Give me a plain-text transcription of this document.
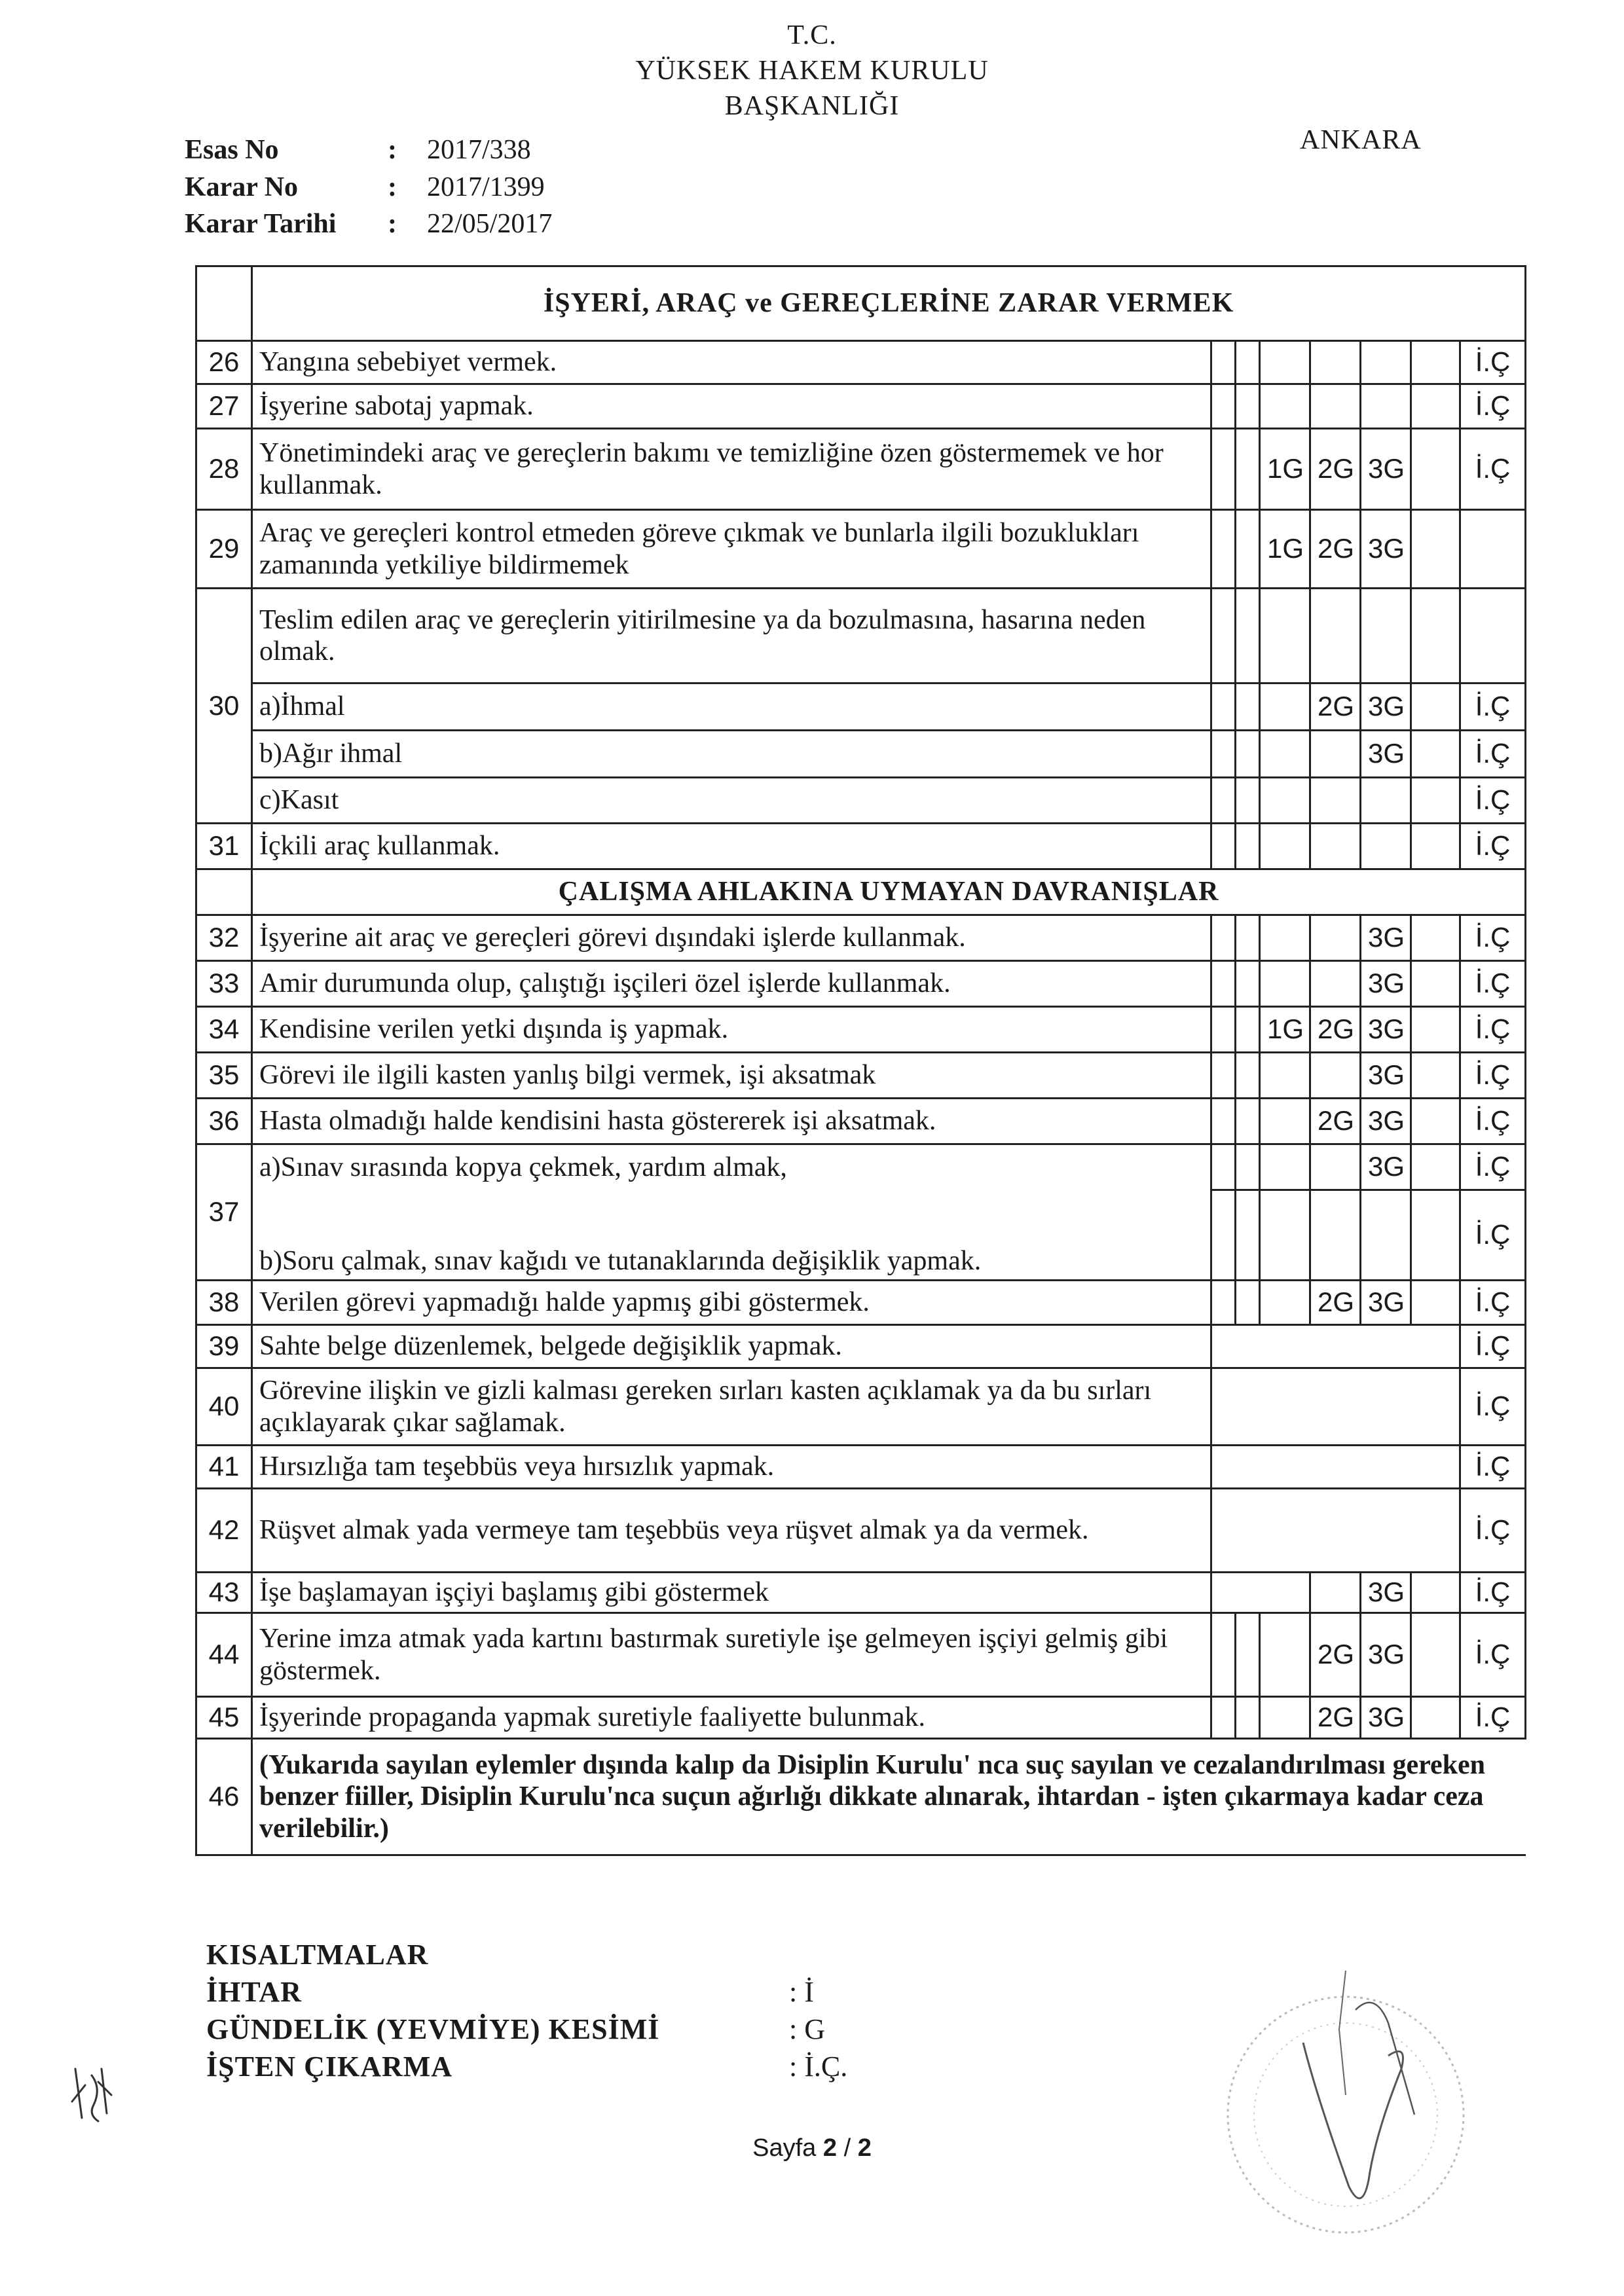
T.C.
YÜKSEK HAKEM KURULU
BAŞKANLIĞI
ANKARA
Esas No	: 2017/338
Karar No	: 2017/1399
Karar Tarihi : 22/05/2017
	İŞYERİ, ARAÇ ve GEREÇLERİNE ZARAR VERMEK							
26	Yangına sebebiyet vermek.							İ.Ç
27	İşyerine sabotaj yapmak.							İ.Ç
28	Yönetimindeki araç ve gereçlerin bakımı ve temizliğine özen göstermemek ve hor kullanmak.			1G	2G	3G		İ.Ç
29	Araç ve gereçleri kontrol etmeden göreve çıkmak ve bunlarla ilgili bozuklukları zamanında yetkiliye bildirmemek			1G	2G	3G		
30	Teslim edilen araç ve gereçlerin yitirilmesine ya da bozulmasına, hasarına neden olmak.							
	a)İhmal				2G	3G		İ.Ç
	b)Ağır ihmal					3G		İ.Ç
	c)Kasıt							İ.Ç
31	İçkili araç kullanmak.							İ.Ç
	ÇALIŞMA AHLAKINA UYMAYAN DAVRANIŞLAR							
32	İşyerine ait araç ve gereçleri görevi dışındaki işlerde kullanmak.					3G		İ.Ç
33	Amir durumunda olup, çalıştığı işçileri özel işlerde kullanmak.					3G		İ.Ç
34	Kendisine verilen yetki dışında iş yapmak.			1G	2G	3G		İ.Ç
35	Görevi ile ilgili kasten yanlış bilgi vermek, işi aksatmak					3G		İ.Ç
36	Hasta olmadığı halde kendisini hasta göstererek işi aksatmak.				2G	3G		İ.Ç
37	a)Sınav sırasında kopya çekmek, yardım almak,					3G		İ.Ç
	b)Soru çalmak, sınav kağıdı ve tutanaklarında değişiklik yapmak.							İ.Ç
38	Verilen görevi yapmadığı halde yapmış gibi göstermek.				2G	3G		İ.Ç
39	Sahte belge düzenlemek, belgede değişiklik yapmak.							İ.Ç
40	Görevine ilişkin ve gizli kalması gereken sırları kasten açıklamak ya da bu sırları açıklayarak çıkar sağlamak.							İ.Ç
41	Hırsızlığa tam teşebbüs veya hırsızlık yapmak.							İ.Ç
42	Rüşvet almak yada vermeye tam teşebbüs veya rüşvet almak ya da vermek.							İ.Ç
43	İşe başlamayan işçiyi başlamış gibi göstermek					3G		İ.Ç
44	Yerine imza atmak yada kartını bastırmak suretiyle işe gelmeyen işçiyi gelmiş gibi göstermek.				2G	3G		İ.Ç
45	İşyerinde propaganda yapmak suretiyle faaliyette bulunmak.				2G	3G		İ.Ç
46	(Yukarıda sayılan eylemler dışında kalıp da Disiplin Kurulu' nca suç sayılan ve cezalandırılması gereken benzer fiiller, Disiplin Kurulu'nca suçun ağırlığı dikkate alınarak, ihtardan - işten çıkarmaya kadar ceza verilebilir.)							
KISALTMALAR
İHTAR	: İ
GÜNDELİK (YEVMİYE) KESİMİ	: G
İŞTEN ÇIKARMA	: İ.Ç.
Sayfa 2 / 2
